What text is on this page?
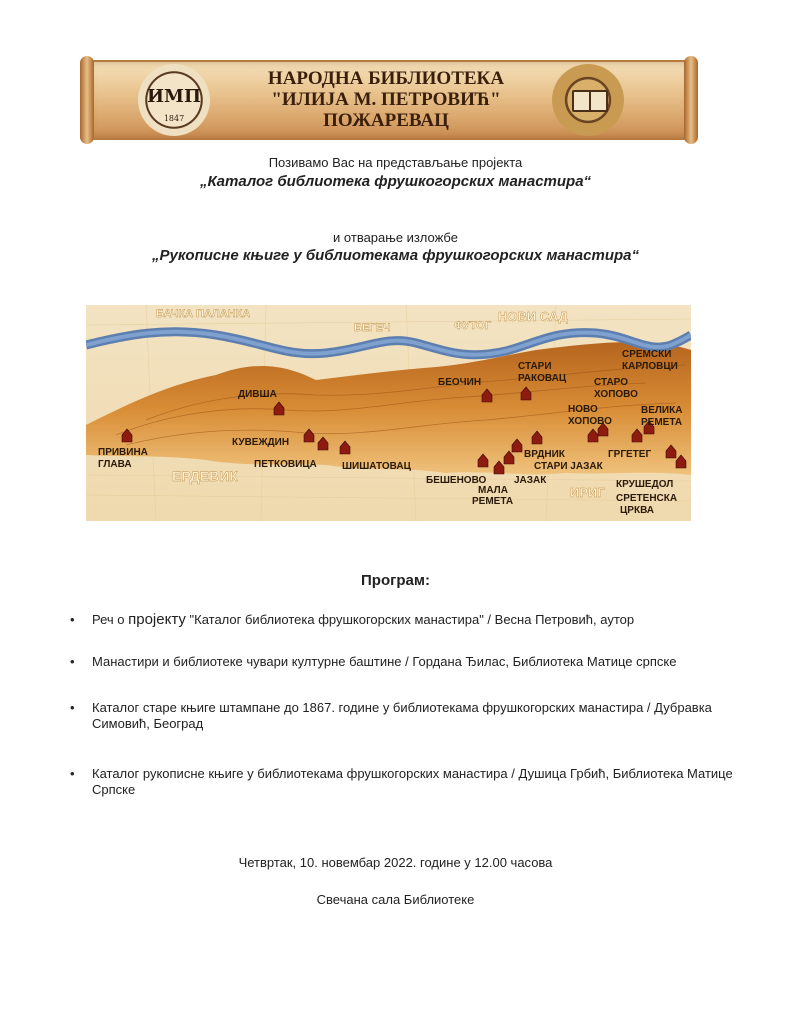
ИМП
1847
НАРОДНА БИБЛИОТЕКА
"ИЛИЈА М. ПЕТРОВИЋ"
ПОЖАРЕВАЦ
Позивамо Вас на представљање пројекта
„Каталог библиотека фрушкогорских манастира“
и отварање изложбе
„Рукописне књиге у библиотекама фрушкогорских манастира“
БАЧКА ПАЛАНКА
БЕГЕЧ	ФУТОГ
НОВИ САД
СРЕМСКИ
КАРЛОВЦИ
ДИВША
БЕОЧИН
СТАРИ
РАКОВАЦ	СТАРО
ХОПОВО
НОВО
ХОПОВО
ВЕЛИКА
РЕМЕТА
ПРИВИНА
ГЛАВА
КУВЕЖДИН
ПЕТКОВИЦА	ШИШАТОВАЦ
ВРДНИК	ГРГЕТЕГ
СТАРИ ЈАЗАК
ЈАЗАК
БЕШЕНОВО
МАЛА
РЕМЕТА
ЕРДЕВИК
ИРИГ
КРУШЕДОЛ
СРЕТЕНСКА
ЦРКВА
Програм:
• Реч о пројекту "Каталог библиотека фрушкогорских манастира" / Весна Петровић, аутор
• Манастири и библиотеке чувари културне баштине / Гордана Ђилас, Библиотека Матице српске
• Каталог старе књиге штампане до 1867. године у библиотекама фрушкогорских манастира / Дубравка Симовић, Београд
• Каталог рукописне књиге у библиотекама фрушкогорских манастира / Душица Грбић, Библиотека Матице Српске
Четвртак, 10. новембар 2022. године у 12.00 часова
Свечана сала Библиотеке
